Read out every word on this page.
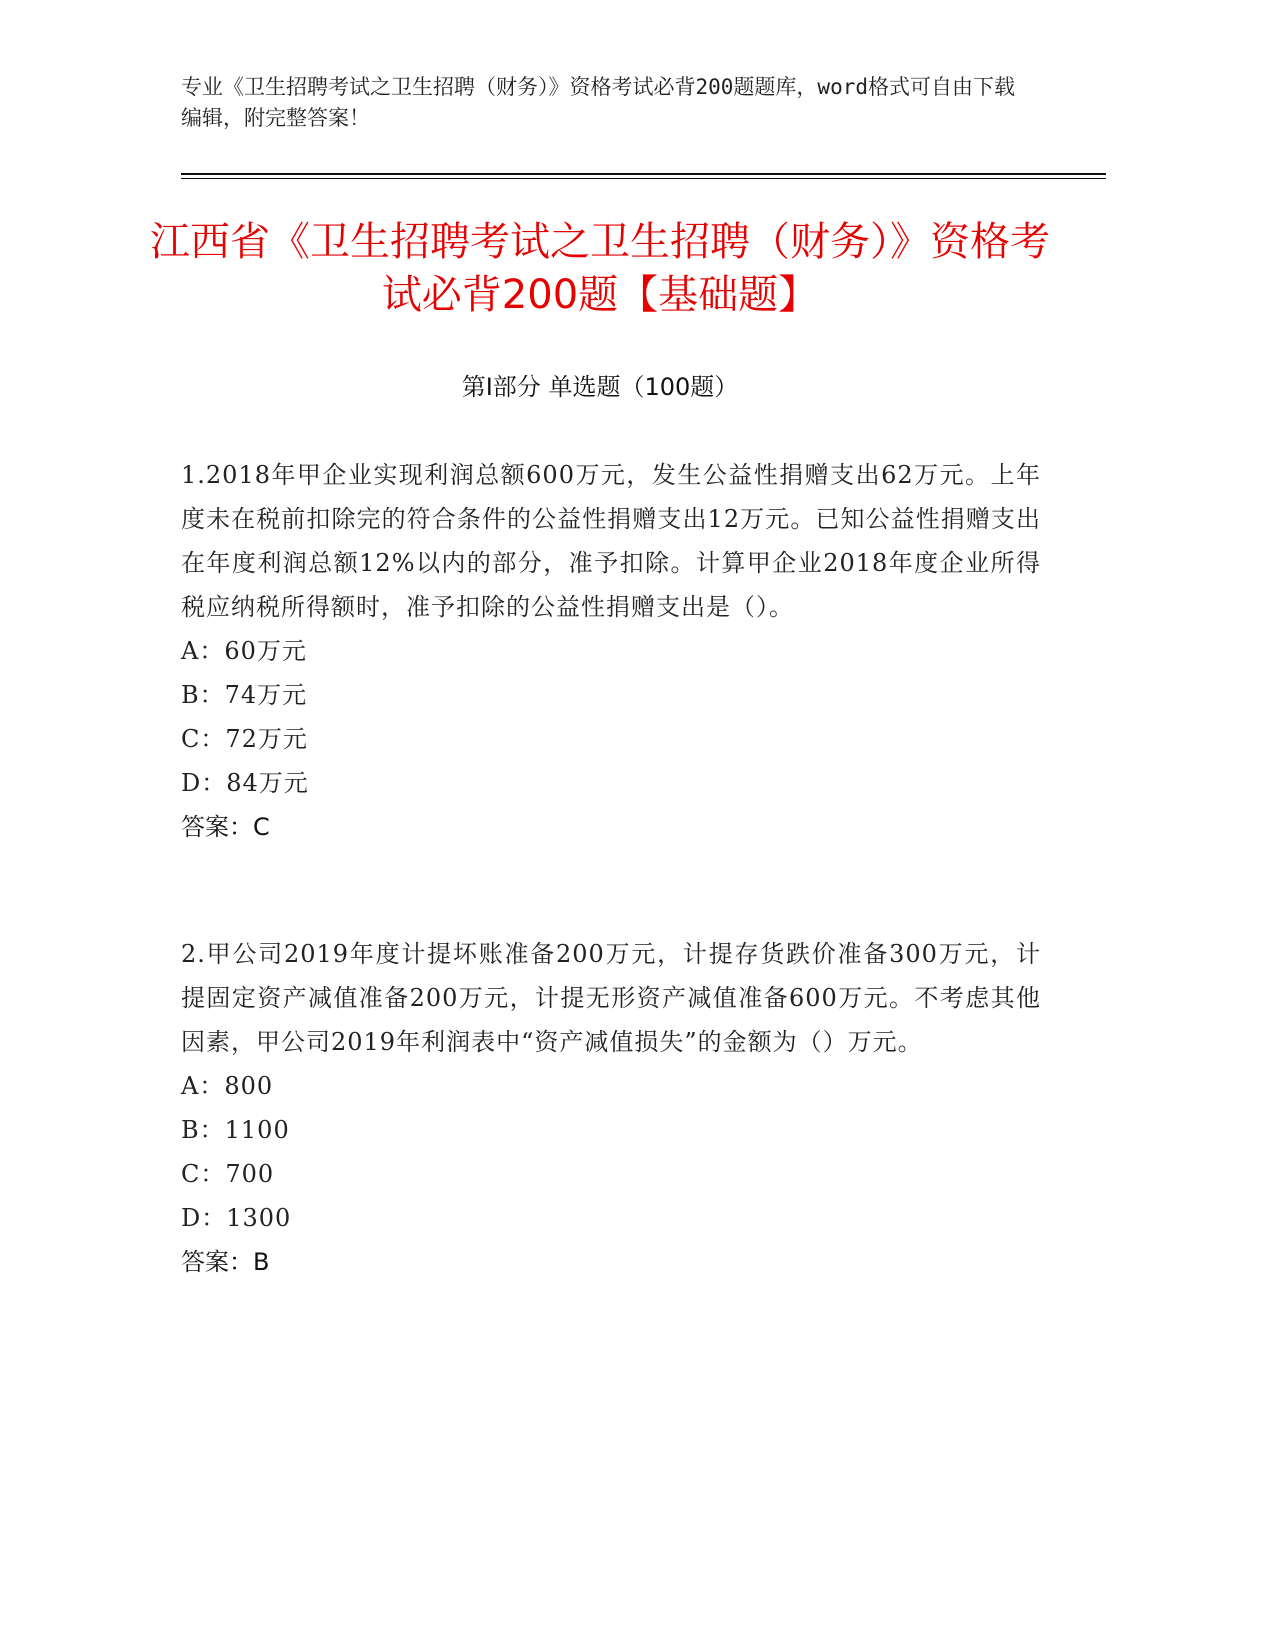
专业《卫生招聘考试之卫生招聘（财务）》资格考试必背200题题库，word格式可自由下载编辑，附完整答案！
江西省《卫生招聘考试之卫生招聘（财务）》资格考试必背200题【基础题】
第Ⅰ部分 单选题（100题）
1.2018年甲企业实现利润总额600万元，发生公益性捐赠支出62万元。上年度未在税前扣除完的符合条件的公益性捐赠支出12万元。已知公益性捐赠支出在年度利润总额12%以内的部分，准予扣除。计算甲企业2018年度企业所得税应纳税所得额时，准予扣除的公益性捐赠支出是（）。
A：60万元
B：74万元
C：72万元
D：84万元
答案：C
2.甲公司2019年度计提坏账准备200万元，计提存货跌价准备300万元，计提固定资产减值准备200万元，计提无形资产减值准备600万元。不考虑其他因素，甲公司2019年利润表中“资产减值损失”的金额为（）万元。
A：800
B：1100
C：700
D：1300
答案：B
